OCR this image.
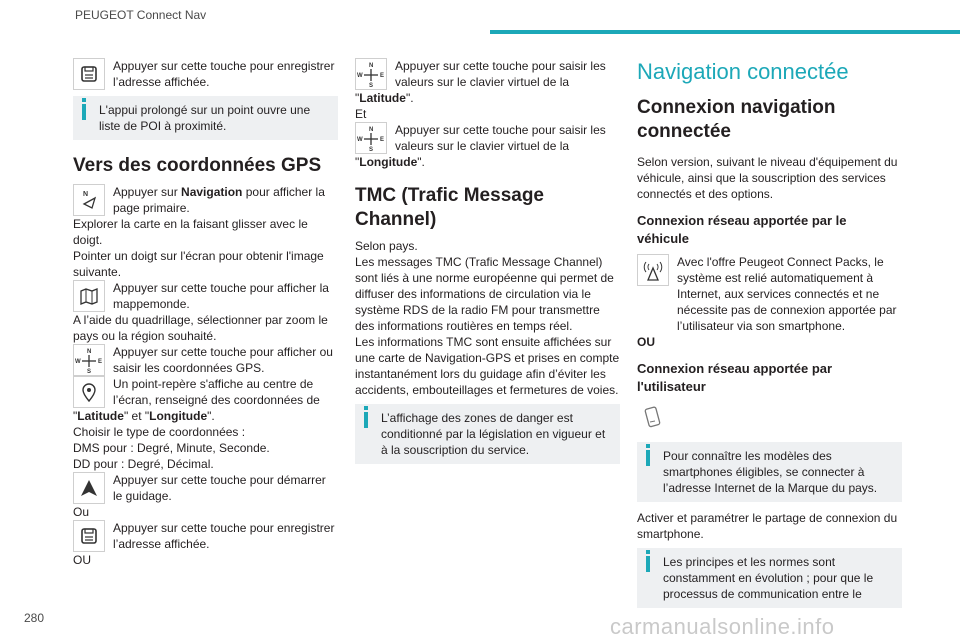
PEUGEOT Connect Nav
Appuyer sur cette touche pour enregistrer l’adresse affichée.
L'appui prolongé sur un point ouvre une liste de POI à proximité.
Vers des coordonnées GPS
N	Appuyer sur Navigation pour afficher la page primaire.

Explorer la carte en la faisant glisser avec le doigt.

Pointer un doigt sur l'écran pour obtenir l'image suivante.

Appuyer sur cette touche pour afficher la mappemonde.

A l’aide du quadrillage, sélectionner par zoom le pays ou la région souhaité.

N
S
W	E
Appuyer sur cette touche pour afficher ou saisir les coordonnées GPS.
Un point-repère s'affiche au centre de l’écran, renseigné des coordonnées de

"Latitude" et "Longitude".

Choisir le type de coordonnées :

DMS pour : Degré, Minute, Seconde.

DD pour : Degré, Décimal.

Appuyer sur cette touche pour démarrer le guidage.

Ou

Appuyer sur cette touche pour enregistrer l’adresse affichée.

OU

N
S
W	E
Appuyer sur cette touche pour saisir les valeurs sur le clavier virtuel de la

"Latitude".

Et

N
S
W	E
Appuyer sur cette touche pour saisir les valeurs sur le clavier virtuel de la

"Longitude".

TMC (Trafic Message Channel)

Selon pays.

Les messages TMC (Trafic Message Channel) sont liés à une norme européenne qui permet de diffuser des informations de circulation via le système RDS de la radio FM pour transmettre des informations routières en temps réel.

Les informations TMC sont ensuite affichées sur une carte de Navigation-GPS et prises en compte instantanément lors du guidage afin d’éviter les accidents, embouteillages et fermetures de voies.

L’affichage des zones de danger est conditionné par la législation en vigueur et à la souscription du service.
Navigation connectée
Connexion navigation connectée

Selon version, suivant le niveau d'équipement du véhicule, ainsi que la souscription des services connectés et des options.

Connexion réseau apportée par le véhicule
Avec l'offre Peugeot Connect Packs, le système est relié automatiquement à Internet, aux services connectés et ne nécessite pas de connexion apportée par l’utilisateur via son smartphone.

OU

Connexion réseau apportée par l'utilisateur
Pour connaître les modèles des smartphones éligibles, se connecter à l’adresse Internet de la Marque du pays.

Activer et paramétrer le partage de connexion du smartphone.

Les principes et les normes sont constamment en évolution ; pour que le processus de communication entre le
280	carmanualsonline.info
